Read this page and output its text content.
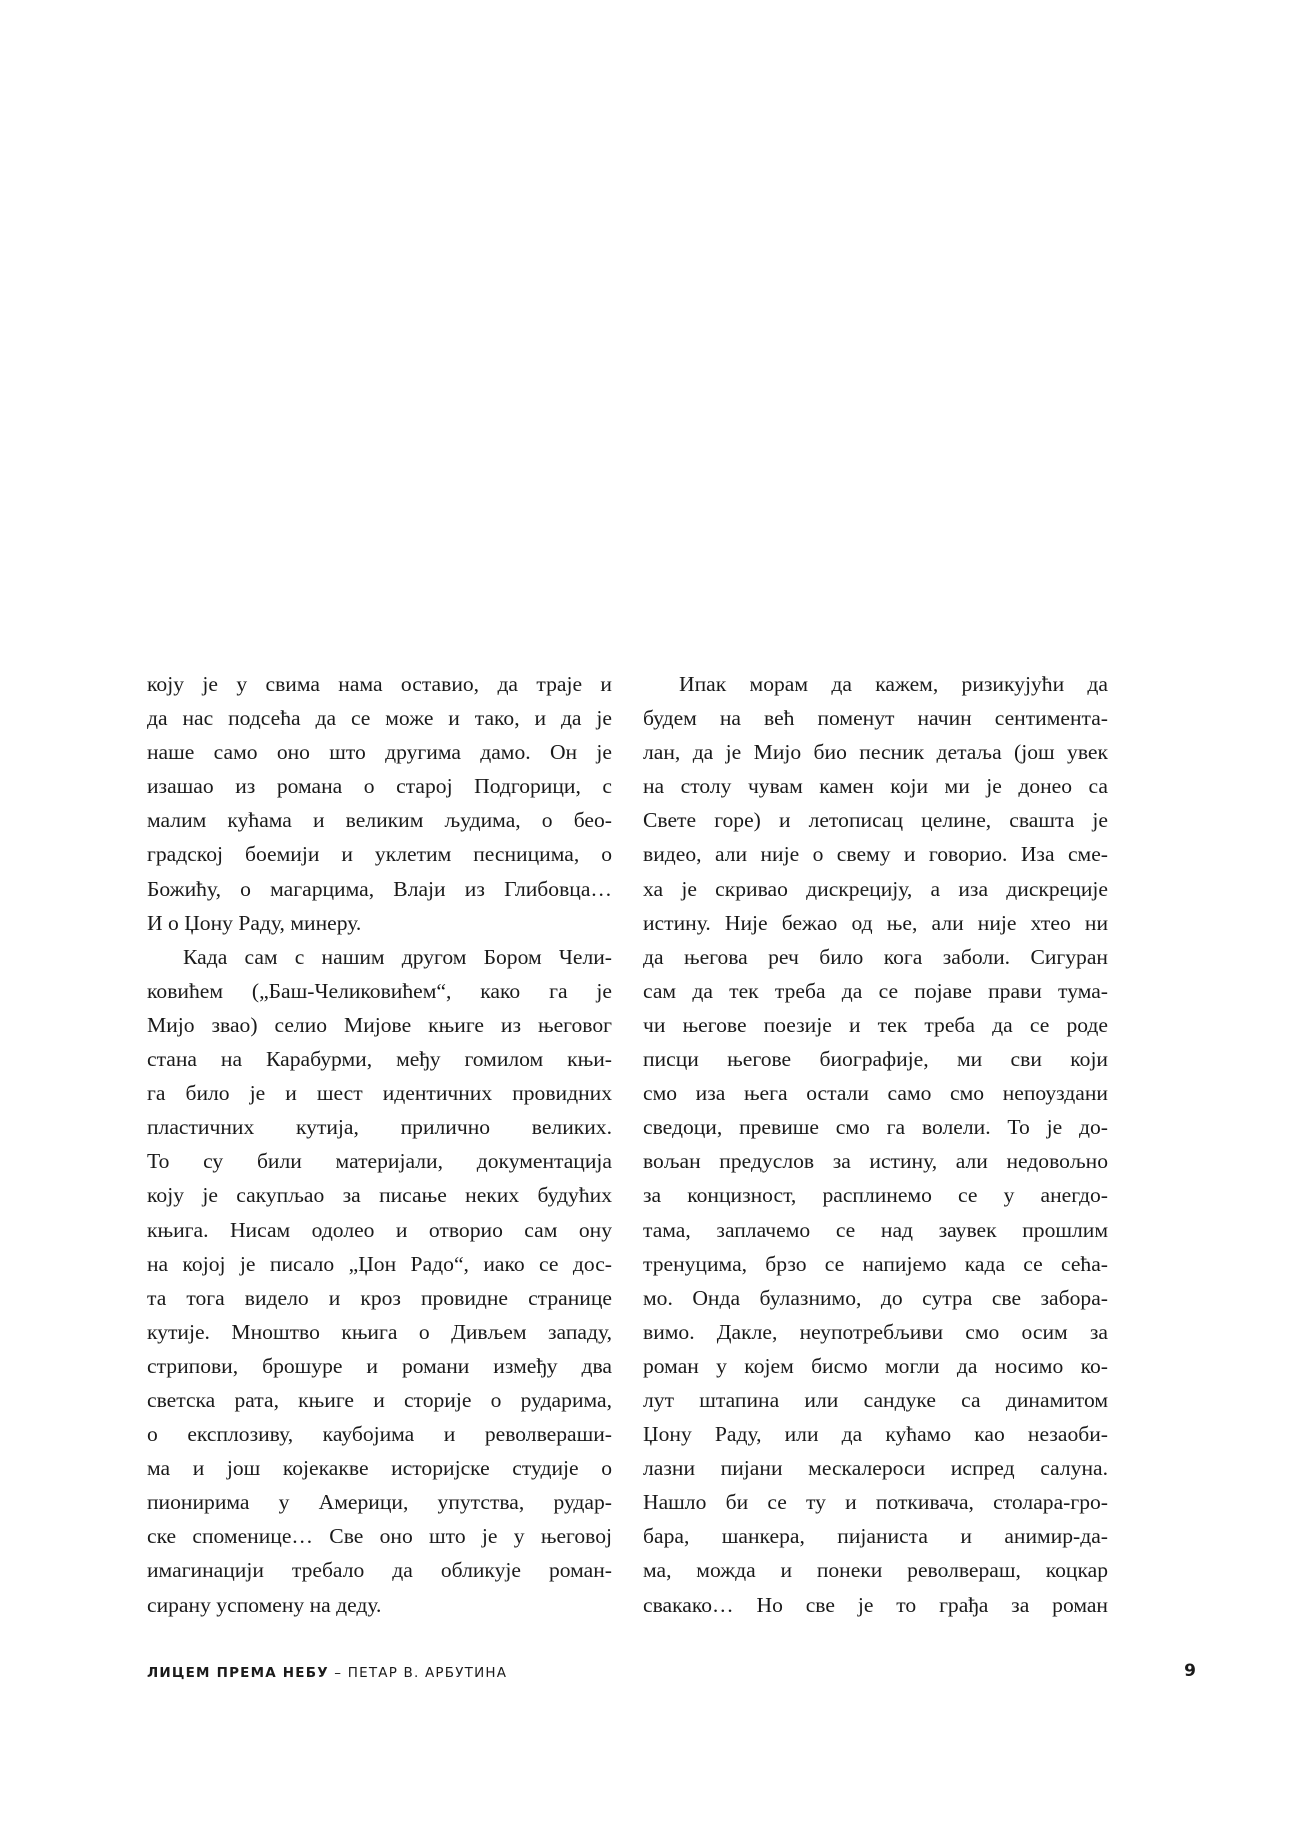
коју је у свима нама оставио, да траје и
да нас подсећа да се може и тако, и да је
наше само оно што другима дамо. Он је
изашао из романа о старој Подгорици, с
малим кућама и великим људима, о бео-
градској боемији и уклетим песницима, о
Божићу, о магарцима, Влаји из Глибовца…
И о Џону Раду, минеру.
Када сам с нашим другом Бором Чели-
ковићем („Баш-Челиковићем“, како га је
Мијо звао) селио Мијове књиге из његовог
стана на Карабурми, међу гомилом књи-
га било је и шест идентичних провидних
пластичних кутија, прилично великих.
То су били материјали, документација
коју је сакупљао за писање неких будућих
књига. Нисам одолео и отворио сам ону
на којој је писало „Џон Радо“, иако се дос-
та тога видело и кроз провидне странице
кутије. Мноштво књига о Дивљем западу,
стрипови, брошуре и романи између два
светска рата, књиге и сторије о рударима,
о експлозиву, каубојима и револвераши-
ма и још којекакве историјске студије о
пионирима у Америци, упутства, рудар-
ске споменице… Све оно што је у његовој
имагинацији требало да обликује роман-
сирану успомену на деду.
Ипак морам да кажем, ризикујући да
будем на већ поменут начин сентимента-
лан, да је Мијо био песник детаља (још увек
на столу чувам камен који ми је донео са
Свете горе) и летописац целине, свашта је
видео, али није о свему и говорио. Иза сме-
ха је скривао дискрецију, а иза дискреције
истину. Није бежао од ње, али није хтео ни
да његова реч било кога заболи. Сигуран
сам да тек треба да се појаве прави тума-
чи његове поезије и тек треба да се роде
писци његове биографије, ми сви који
смо иза њега остали само смо непоуздани
сведоци, превише смо га волели. То је до-
вољан предуслов за истину, али недовољно
за концизност, расплинемо се у анегдо-
тама, заплачемо се над заувек прошлим
тренуцима, брзо се напијемо када се сећа-
мо. Онда булазнимо, до сутра све забора-
вимо. Дакле, неупотребљиви смо осим за
роман у којем бисмо могли да носимо ко-
лут штапина или сандуке са динамитом
Џону Раду, или да кућамо као незаоби-
лазни пијани мескалероси испред салуна.
Нашло би се ту и поткивача, столара-гро-
бара, шанкера, пијаниста и анимир-да-
ма, можда и понеки револвераш, коцкар
свакако… Но све је то грађа за роман
ЛИЦЕМ ПРЕМА НЕБУ – ПЕТАР В. АРБУТИНА	9
